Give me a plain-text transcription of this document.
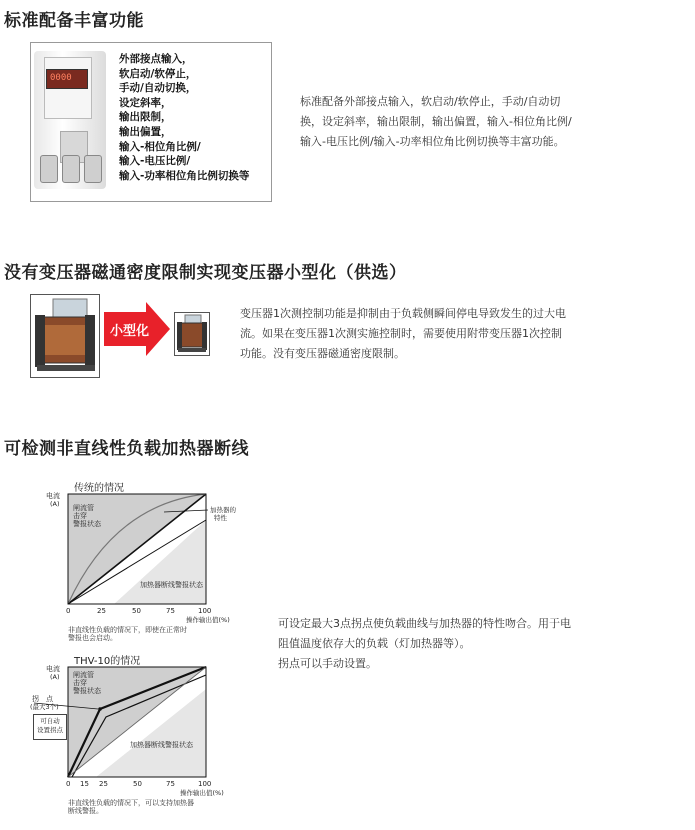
标准配备丰富功能
0000
外部接点输入，
软启动/软停止，
手动/自动切换，
设定斜率，
输出限制，
输出偏置，
输入-相位角比例/
输入-电压比例/
输入-功率相位角比例切换等

标准配备外部接点输入，软启动/软停止，手动/自动切

换，设定斜率，输出限制，输出偏置，输入-相位角比例/

输入-电压比例/输入-功率相位角比例切换等丰富功能。

没有变压器磁通密度限制实现变压器小型化（供选）
小型化

变压器1次测控制功能是抑制由于负载侧瞬间停电导致发生的过大电

流。如果在变压器1次测实施控制时，需要使用附带变压器1次控制

功能。没有变压器磁通密度限制。

可检测非直线性负载加热器断线
传统的情况
电流
(A) 闸流管
击穿
警报状态
加热器的
特性
加热器断线警报状态
0	25	50	75	100
操作输出值(%)

非直线性负载的情况下，即使在正常时

警报也会启动。

可设定最大3点拐点使负载曲线与加热器的特性吻合。用于电

阻值温度依存大的负载（灯加热器等）。

拐点可以手动设置。

THV-10的情况
电流
(A) 闸流管
击穿
警报状态
拐　点
(最大3个)
加热器断线警报状态
0 15 25	50	75	100
操作输出值(%)
可自动
设置拐点

非直线性负载的情况下，可以支持加热器

断线警报。
